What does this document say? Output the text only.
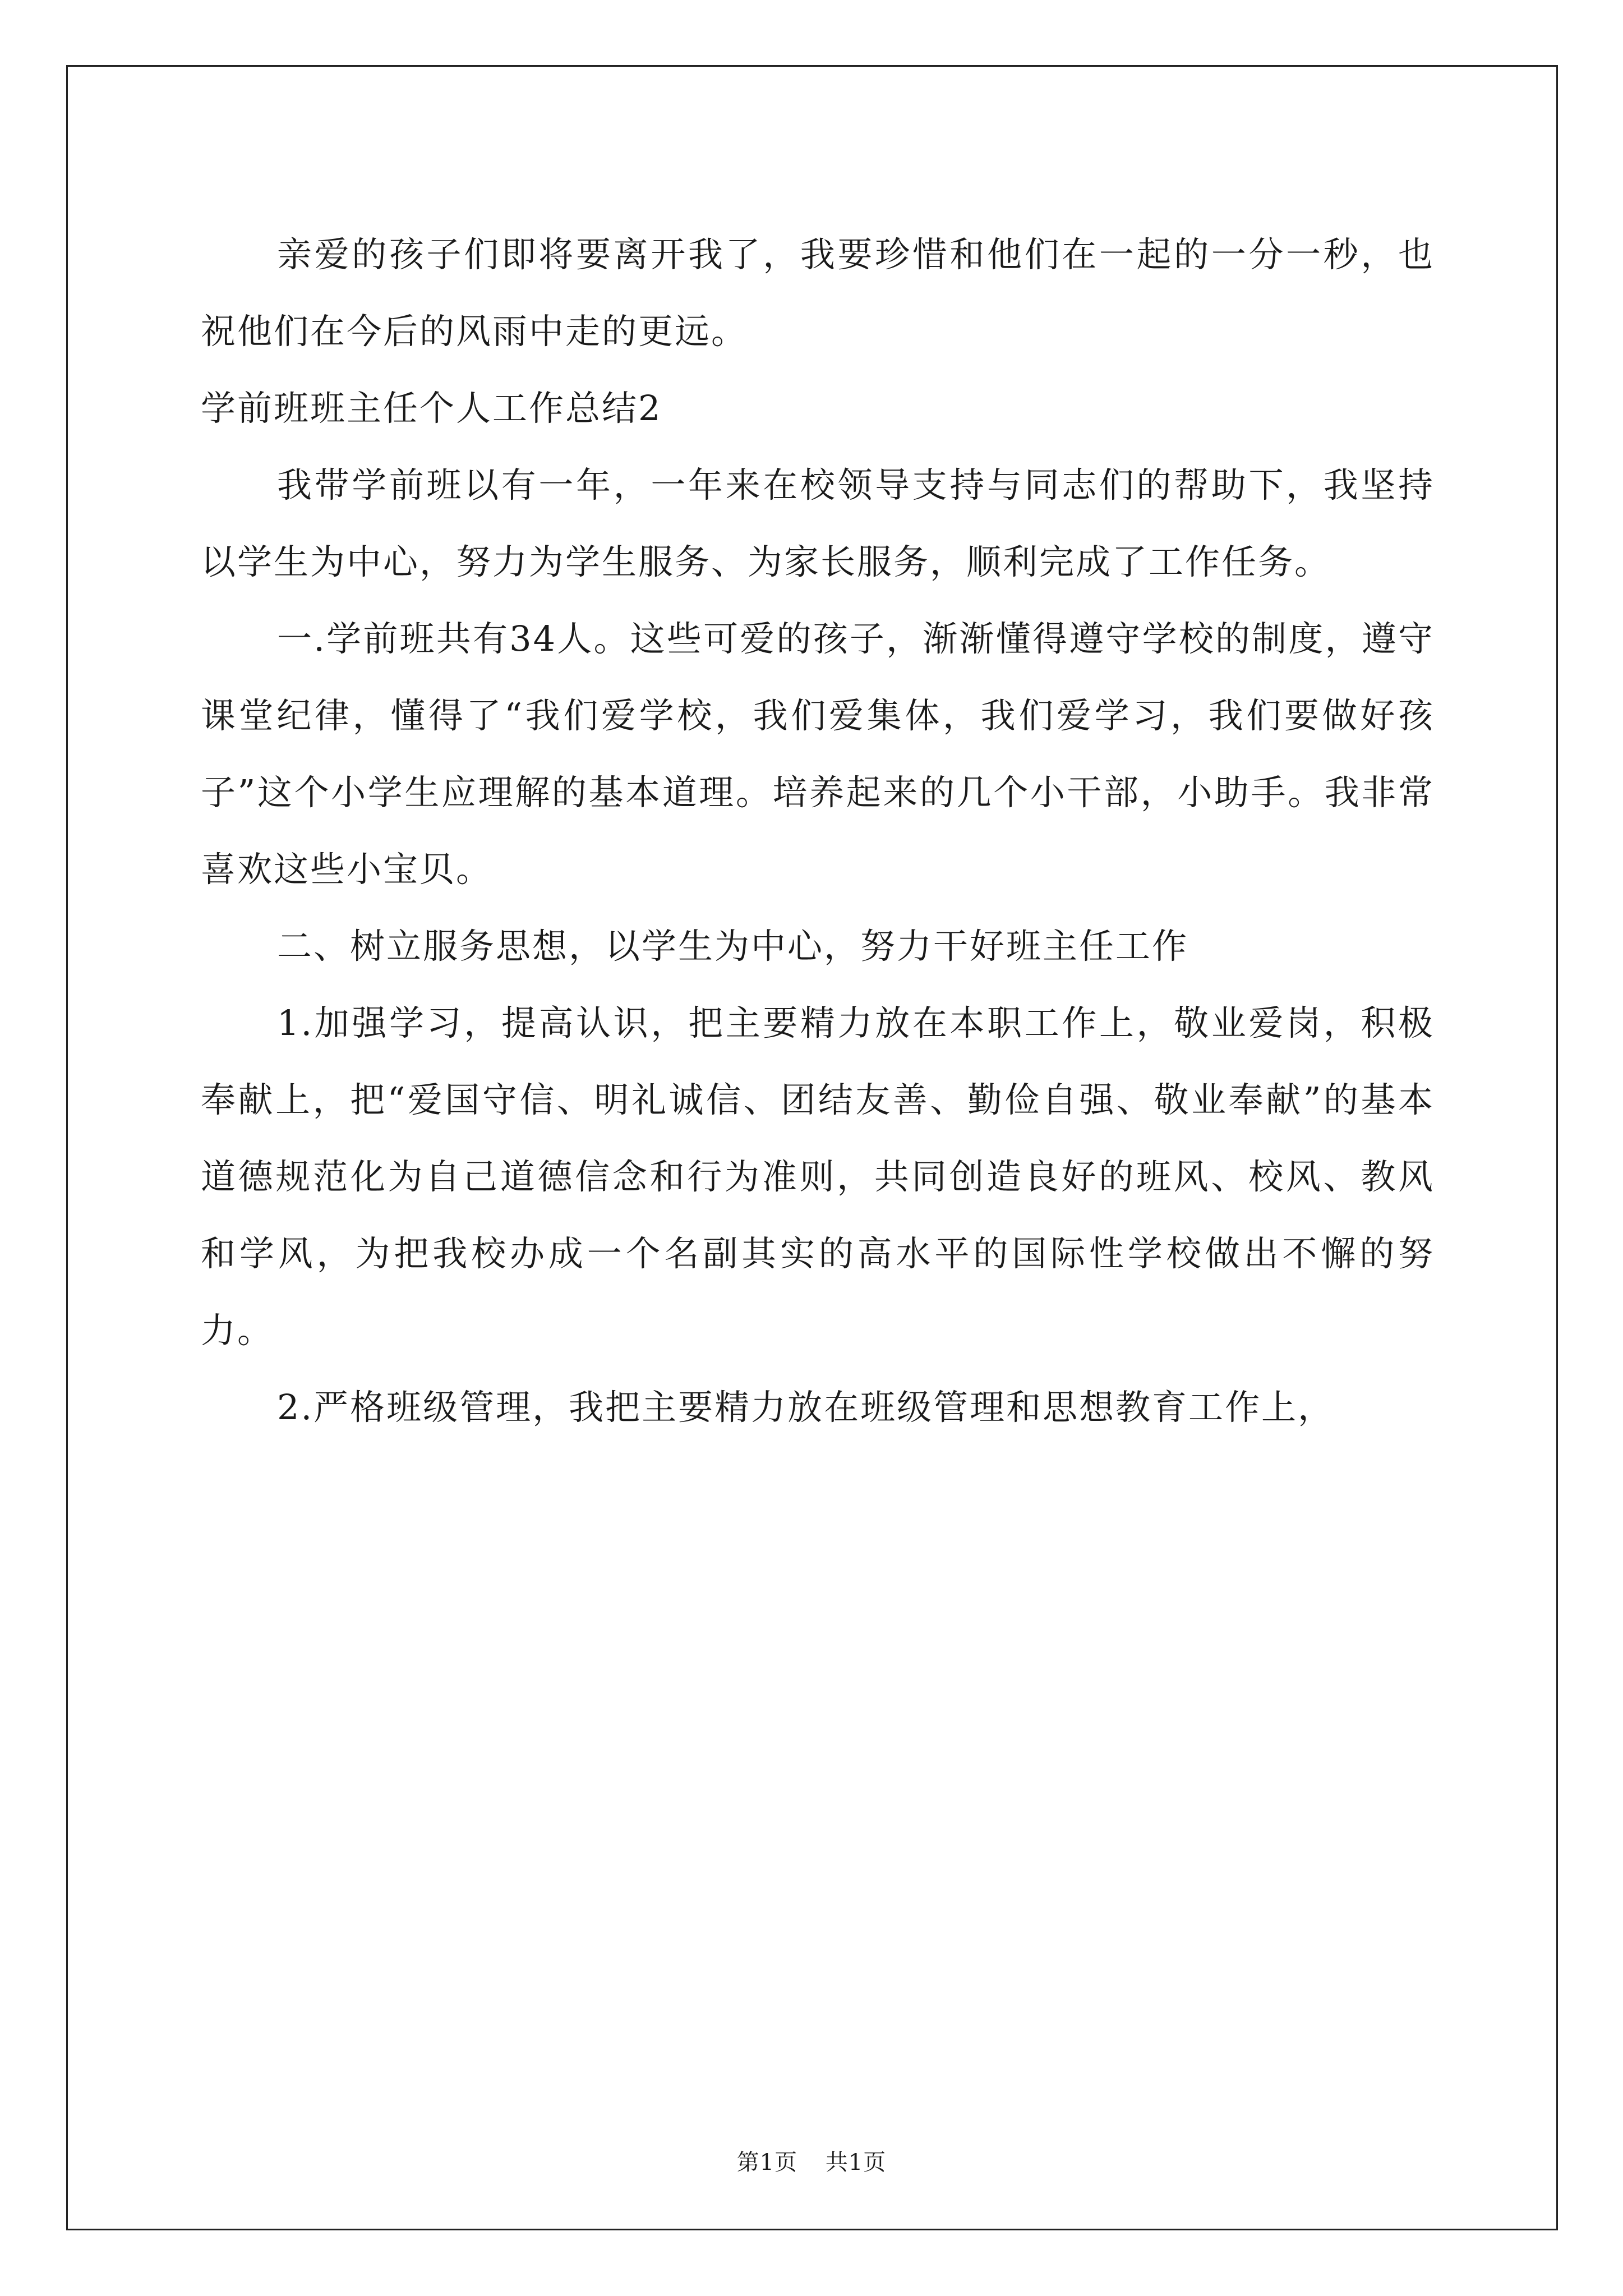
亲爱的孩子们即将要离开我了，我要珍惜和他们在一起的一分一秒，也祝他们在今后的风雨中走的更远。

学前班班主任个人工作总结2

我带学前班以有一年，一年来在校领导支持与同志们的帮助下，我坚持以学生为中心，努力为学生服务、为家长服务，顺利完成了工作任务。

一.学前班共有34人。这些可爱的孩子，渐渐懂得遵守学校的制度，遵守课堂纪律，懂得了“我们爱学校，我们爱集体，我们爱学习，我们要做好孩子”这个小学生应理解的基本道理。培养起来的几个小干部，小助手。我非常喜欢这些小宝贝。

二、树立服务思想，以学生为中心，努力干好班主任工作

1.加强学习，提高认识，把主要精力放在本职工作上，敬业爱岗，积极奉献上，把“爱国守信、明礼诚信、团结友善、勤俭自强、敬业奉献”的基本道德规范化为自己道德信念和行为准则，共同创造良好的班风、校风、教风和学风，为把我校办成一个名副其实的高水平的国际性学校做出不懈的努力。

2.严格班级管理，我把主要精力放在班级管理和思想教育工作上，

第1页 共1页
